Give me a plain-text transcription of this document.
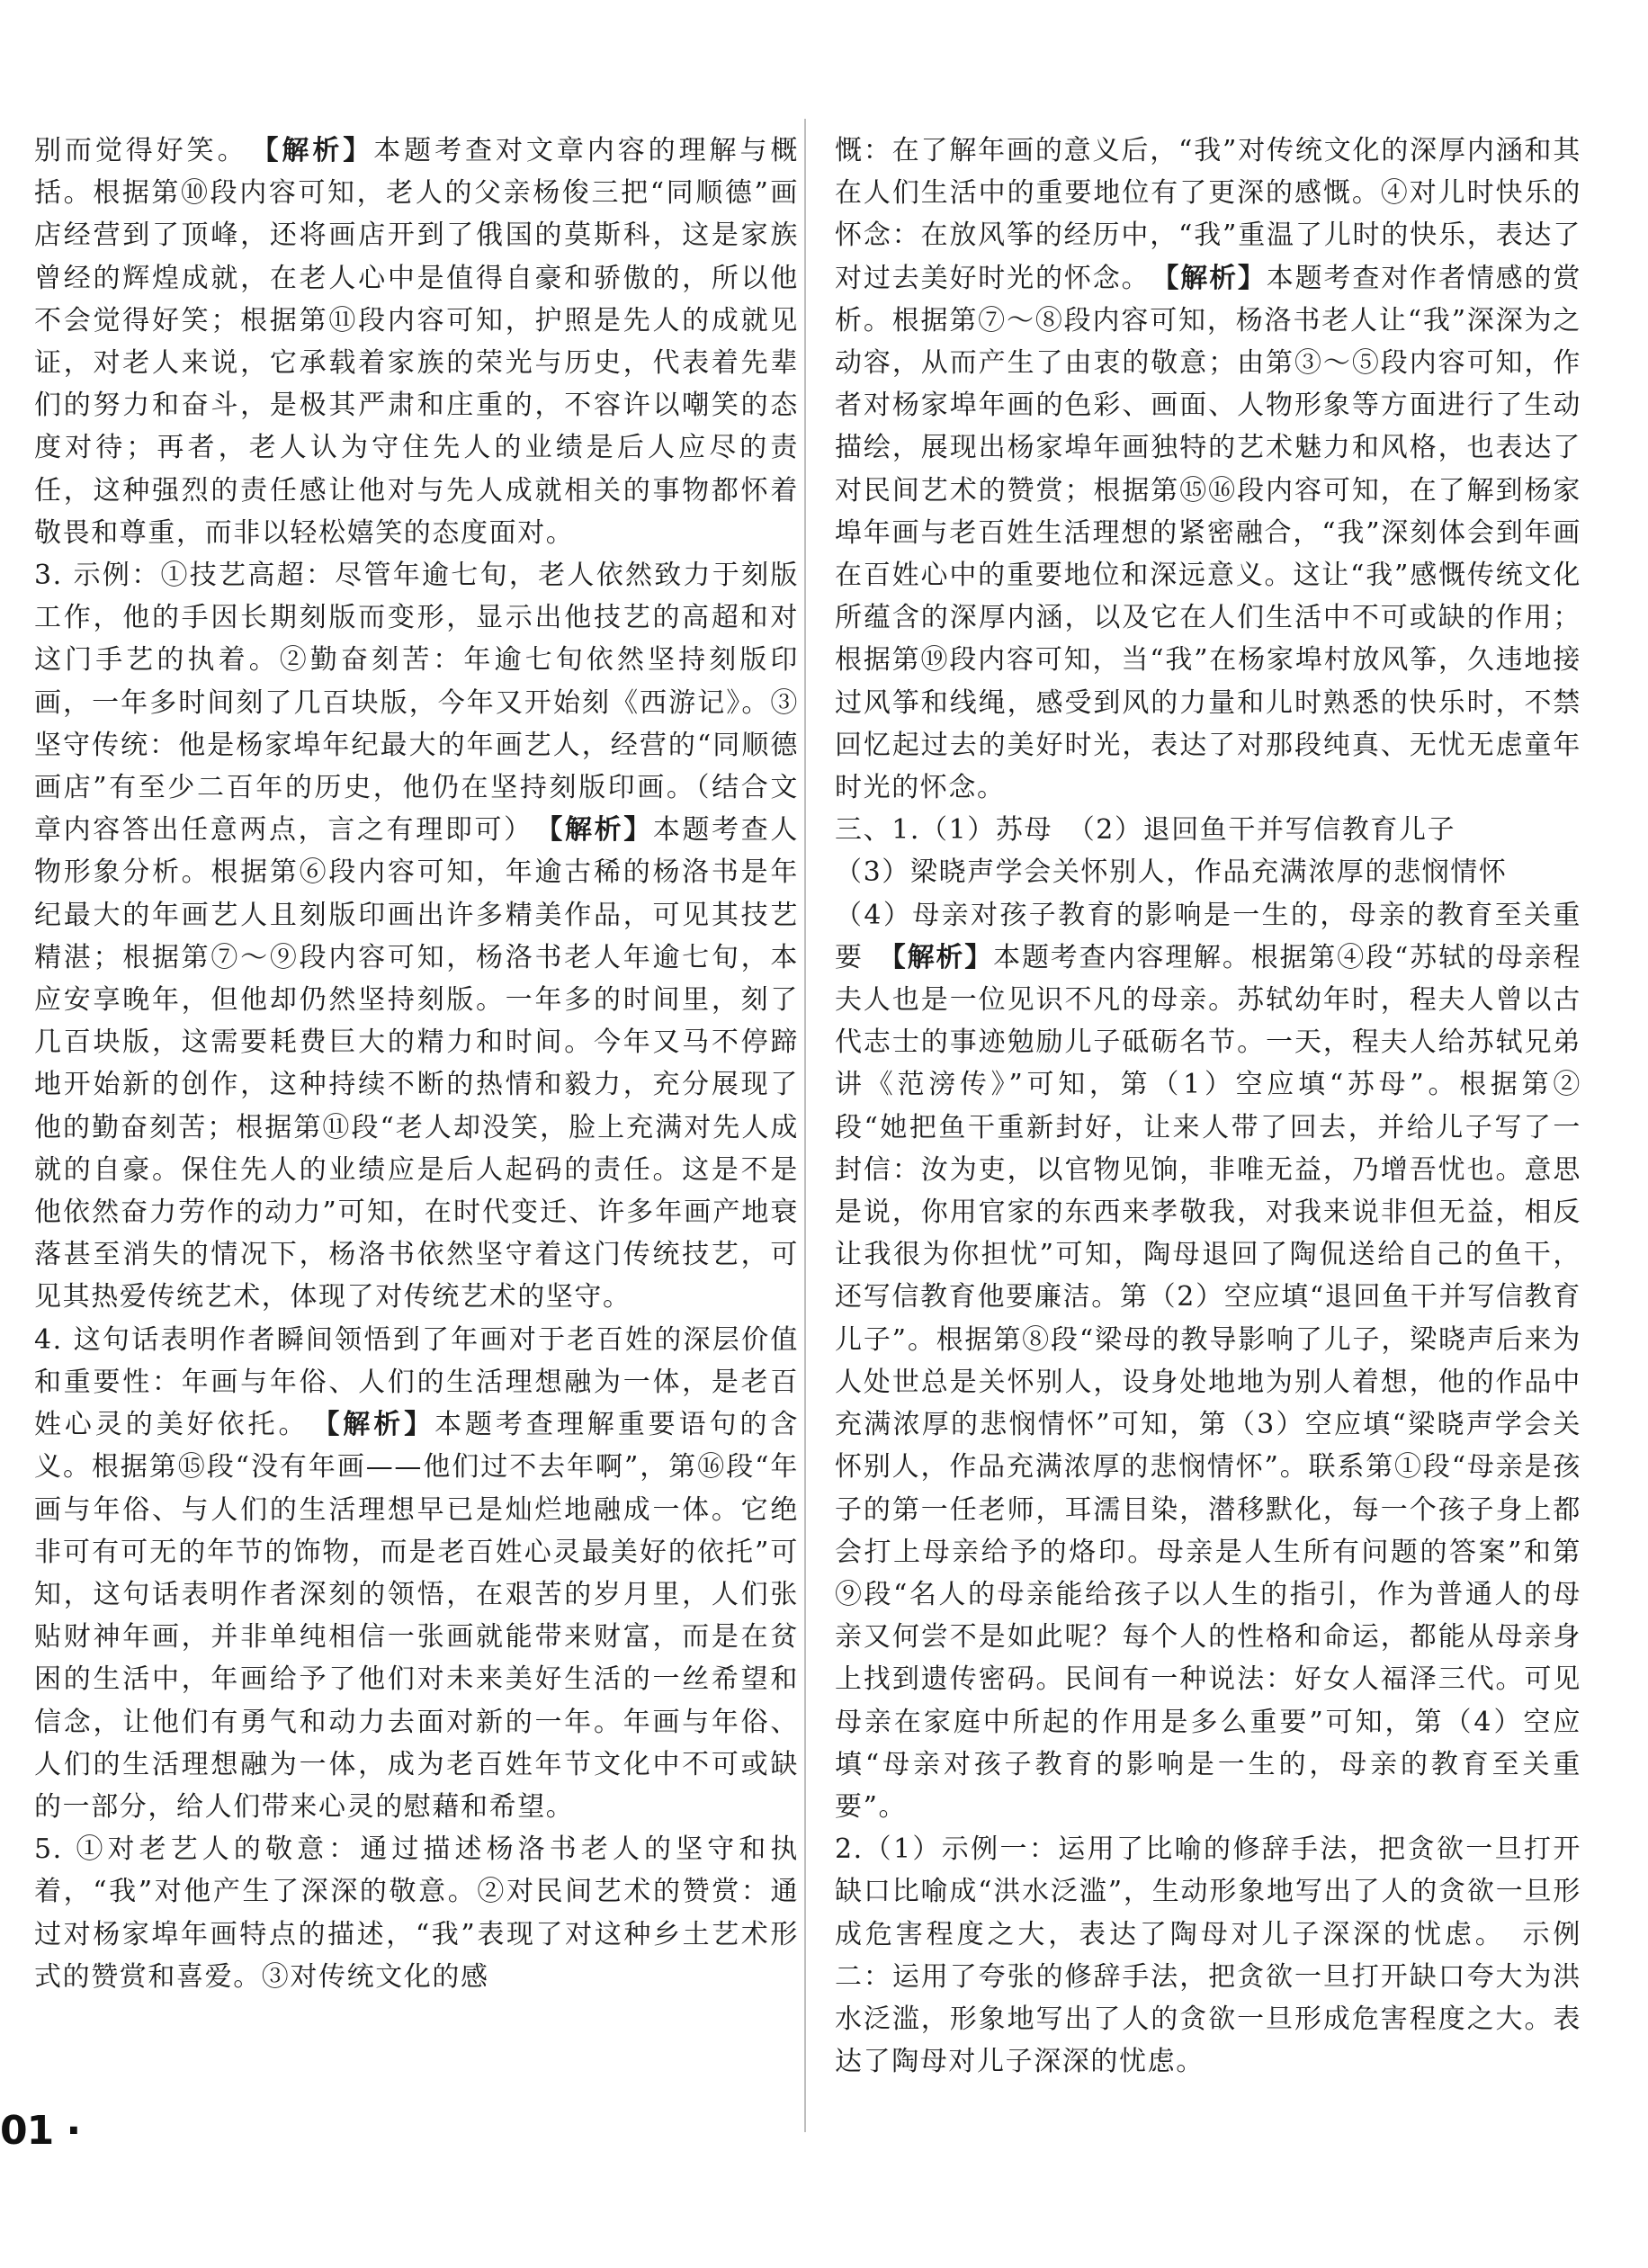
别而觉得好笑。　 【解析】本题考查对文章内容的理解与概括。根据第⑩段内容可知，老人的父亲杨俊三把“同顺德”画店经营到了顶峰，还将画店开到了俄国的莫斯科，这是家族曾经的辉煌成就，在老人心中是值得自豪和骄傲的，所以他不会觉得好笑；根据第⑪段内容可知，护照是先人的成就见证，对老人来说，它承载着家族的荣光与历史，代表着先辈们的努力和奋斗，是极其严肃和庄重的，不容许以嘲笑的态度对待；再者，老人认为守住先人的业绩是后人应尽的责任，这种强烈的责任感让他对与先人成就相关的事物都怀着敬畏和尊重，而非以轻松嬉笑的态度面对。

3. 示例：①技艺高超：尽管年逾七旬，老人依然致力于刻版工作，他的手因长期刻版而变形，显示出他技艺的高超和对这门手艺的执着。②勤奋刻苦：年逾七旬依然坚持刻版印画，一年多时间刻了几百块版，今年又开始刻《西游记》。③坚守传统：他是杨家埠年纪最大的年画艺人，经营的“同顺德画店”有至少二百年的历史，他仍在坚持刻版印画。（结合文章内容答出任意两点，言之有理即可）　 【解析】本题考查人物形象分析。根据第⑥段内容可知，年逾古稀的杨洛书是年纪最大的年画艺人且刻版印画出许多精美作品，可见其技艺精湛；根据第⑦～⑨段内容可知，杨洛书老人年逾七旬，本应安享晚年，但他却仍然坚持刻版。一年多的时间里，刻了几百块版，这需要耗费巨大的精力和时间。今年又马不停蹄地开始新的创作，这种持续不断的热情和毅力，充分展现了他的勤奋刻苦；根据第⑪段“老人却没笑，脸上充满对先人成就的自豪。保住先人的业绩应是后人起码的责任。这是不是他依然奋力劳作的动力”可知，在时代变迁、许多年画产地衰落甚至消失的情况下，杨洛书依然坚守着这门传统技艺，可见其热爱传统艺术，体现了对传统艺术的坚守。

4. 这句话表明作者瞬间领悟到了年画对于老百姓的深层价值和重要性：年画与年俗、人们的生活理想融为一体，是老百姓心灵的美好依托。　 【解析】本题考查理解重要语句的含义。根据第⑮段“没有年画——他们过不去年啊”，第⑯段“年画与年俗、与人们的生活理想早已是灿烂地融成一体。它绝非可有可无的年节的饰物，而是老百姓心灵最美好的依托”可知，这句话表明作者深刻的领悟，在艰苦的岁月里，人们张贴财神年画，并非单纯相信一张画就能带来财富，而是在贫困的生活中，年画给予了他们对未来美好生活的一丝希望和信念，让他们有勇气和动力去面对新的一年。年画与年俗、人们的生活理想融为一体，成为老百姓年节文化中不可或缺的一部分，给人们带来心灵的慰藉和希望。

5. ①对老艺人的敬意：通过描述杨洛书老人的坚守和执着，“我”对他产生了深深的敬意。②对民间艺术的赞赏：通过对杨家埠年画特点的描述，“我”表现了对这种乡土艺术形式的赞赏和喜爱。③对传统文化的感

慨：在了解年画的意义后，“我”对传统文化的深厚内涵和其在人们生活中的重要地位有了更深的感慨。④对儿时快乐的怀念：在放风筝的经历中，“我”重温了儿时的快乐，表达了对过去美好时光的怀念。　 【解析】本题考查对作者情感的赏析。根据第⑦～⑧段内容可知，杨洛书老人让“我”深深为之动容，从而产生了由衷的敬意；由第③～⑤段内容可知，作者对杨家埠年画的色彩、画面、人物形象等方面进行了生动描绘，展现出杨家埠年画独特的艺术魅力和风格，也表达了对民间艺术的赞赏；根据第⑮⑯段内容可知，在了解到杨家埠年画与老百姓生活理想的紧密融合，“我”深刻体会到年画在百姓心中的重要地位和深远意义。这让“我”感慨传统文化所蕴含的深厚内涵，以及它在人们生活中不可或缺的作用；根据第⑲段内容可知，当“我”在杨家埠村放风筝，久违地接过风筝和线绳，感受到风的力量和儿时熟悉的快乐时，不禁回忆起过去的美好时光，表达了对那段纯真、无忧无虑童年时光的怀念。

三、1.（1）苏母　（2）退回鱼干并写信教育儿子

（3）梁晓声学会关怀别人，作品充满浓厚的悲悯情怀

（4）母亲对孩子教育的影响是一生的，母亲的教育至关重要　 【解析】本题考查内容理解。根据第④段“苏轼的母亲程夫人也是一位见识不凡的母亲。苏轼幼年时，程夫人曾以古代志士的事迹勉励儿子砥砺名节。一天，程夫人给苏轼兄弟讲《范滂传》”可知，第（1）空应填“苏母”。根据第②段“她把鱼干重新封好，让来人带了回去，并给儿子写了一封信：汝为吏，以官物见饷，非唯无益，乃增吾忧也。意思是说，你用官家的东西来孝敬我，对我来说非但无益，相反让我很为你担忧”可知，陶母退回了陶侃送给自己的鱼干，还写信教育他要廉洁。第（2）空应填“退回鱼干并写信教育儿子”。根据第⑧段“梁母的教导影响了儿子，梁晓声后来为人处世总是关怀别人，设身处地地为别人着想，他的作品中充满浓厚的悲悯情怀”可知，第（3）空应填“梁晓声学会关怀别人，作品充满浓厚的悲悯情怀”。联系第①段“母亲是孩子的第一任老师，耳濡目染，潜移默化，每一个孩子身上都会打上母亲给予的烙印。母亲是人生所有问题的答案”和第⑨段“名人的母亲能给孩子以人生的指引，作为普通人的母亲又何尝不是如此呢？每个人的性格和命运，都能从母亲身上找到遗传密码。民间有一种说法：好女人福泽三代。可见母亲在家庭中所起的作用是多么重要”可知，第（4）空应填“母亲对孩子教育的影响是一生的，母亲的教育至关重要”。

2.（1）示例一：运用了比喻的修辞手法，把贪欲一旦打开缺口比喻成“洪水泛滥”，生动形象地写出了人的贪欲一旦形成危害程度之大，表达了陶母对儿子深深的忧虑。　示例二：运用了夸张的修辞手法，把贪欲一旦打开缺口夸大为洪水泛滥，形象地写出了人的贪欲一旦形成危害程度之大。表达了陶母对儿子深深的忧虑。

01 ·
